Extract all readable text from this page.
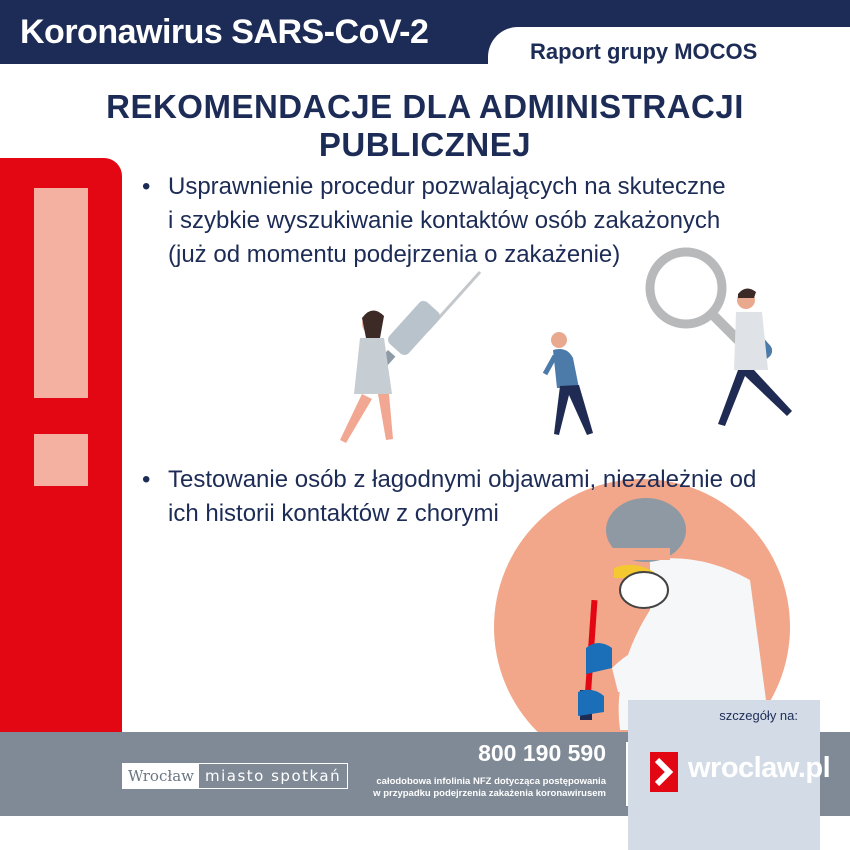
Koronawirus SARS-CoV-2
Raport grupy MOCOS
REKOMENDACJE DLA ADMINISTRACJI PUBLICZNEJ
• Usprawnienie procedur pozwalających na skuteczne
i szybkie wyszukiwanie kontaktów osób zakażonych
(już od momentu podejrzenia o zakażenie)
• Testowanie osób z łagodnymi objawami, niezależnie od
ich historii kontaktów z chorymi
szczegóły na:
Wrocław miasto spotkań
800 190 590
całodobowa infolinia NFZ dotycząca postępowania
w przypadku podejrzenia zakażenia koronawirusem
wroclaw.pl
